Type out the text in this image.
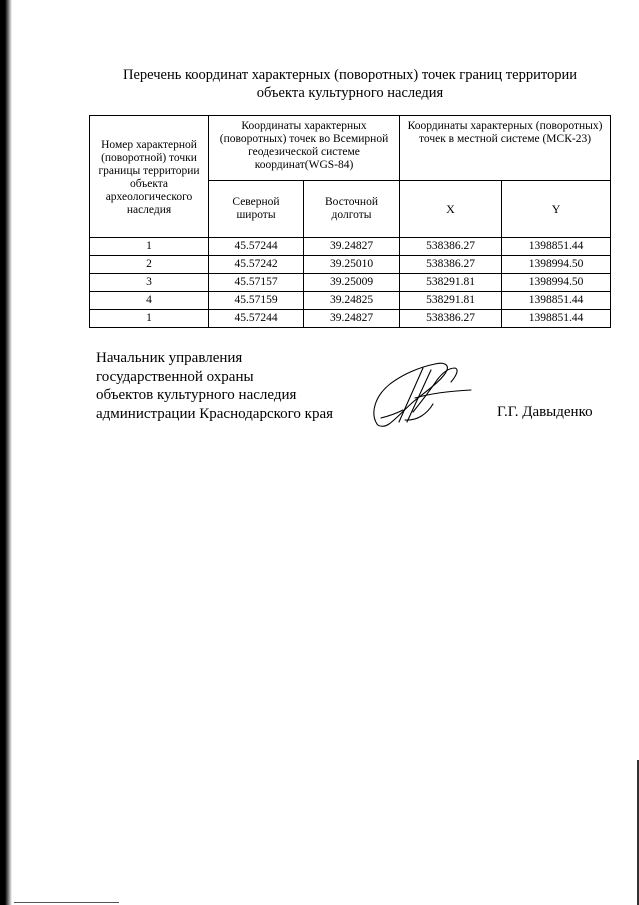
Перечень координат характерных (поворотных) точек границ территории
объекта культурного наследия
Номер характерной (поворотной) точки границы территории объекта археологического наследия	Координаты характерных (поворотных) точек во Всемирной геодезической системе координат(WGS-84)		Координаты характерных (поворотных) точек в местной системе (МСК-23)	
	Северной широты	Восточной долготы	X	Y
1	45.57244	39.24827	538386.27	1398851.44
2	45.57242	39.25010	538386.27	1398994.50
3	45.57157	39.25009	538291.81	1398994.50
4	45.57159	39.24825	538291.81	1398851.44
1	45.57244	39.24827	538386.27	1398851.44
Начальник управления
государственной охраны
объектов культурного наследия
администрации Краснодарского края	Г.Г. Давыденко
